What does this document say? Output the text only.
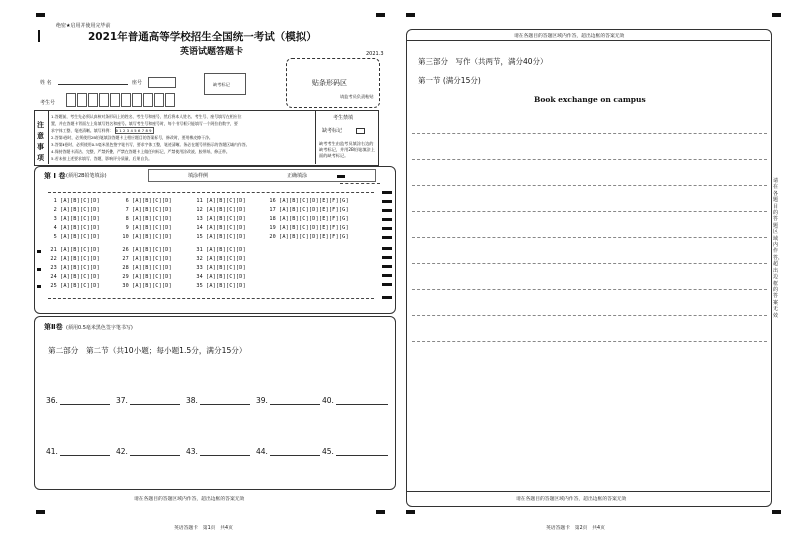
绝密★启用并使用完毕前
2021年普通高等学校招生全国统一考试（模拟）
英语试题答题卡	2021.3
姓 名	座号	缺考标记
考生号
贴条形码区
请监考员负责粘贴
注意事项
1.答题前，考生先必须认真核对条形码上的姓名、考生号和座号，然后将本人姓名、考生号、座号填写在相应位
置，并在答题卡背面左上角填写姓名和座号。填写考生号和座号时，每个书写框只能填写一个阿拉伯数字，要
求字体工整、笔迹清晰。填写样例： 0123456789
2.答第Ⅰ卷时，必须使用2B铅笔填涂答题卡上相应题目的答案标号，修改时，要用橡皮擦干净。
3.答第Ⅱ卷时，必须使用0.5毫米黑色签字笔书写，要求字体工整，笔迹清晰。务必在题号所指示的答题区域内作答。
4.保持答题卡清洁、完整，严禁折叠，严禁在答题卡上做任何标记，严禁使用涂改液、胶带纸、修正带。
5.若未按上述要求填写、答题，影响评分质量，后果自负。
考生禁填
缺考标记
缺考考生由监考员填涂右边的缺考标记，并用2B铅笔填涂上面的缺考标记。
第 I 卷 (须用2B铅笔填涂)	填涂样例	正确填涂
1 [A][B][C][D]
2 [A][B][C][D]
3 [A][B][C][D]
4 [A][B][C][D]
5 [A][B][C][D]
6 [A][B][C][D]
7 [A][B][C][D]
8 [A][B][C][D]
9 [A][B][C][D]
10 [A][B][C][D]
11 [A][B][C][D]
12 [A][B][C][D]
13 [A][B][C][D]
14 [A][B][C][D]
15 [A][B][C][D]
16 [A][B][C][D][E][F][G]
17 [A][B][C][D][E][F][G]
18 [A][B][C][D][E][F][G]
19 [A][B][C][D][E][F][G]
20 [A][B][C][D][E][F][G]
21 [A][B][C][D]
22 [A][B][C][D]
23 [A][B][C][D]
24 [A][B][C][D]
25 [A][B][C][D]
26 [A][B][C][D]
27 [A][B][C][D]
28 [A][B][C][D]
29 [A][B][C][D]
30 [A][B][C][D]
31 [A][B][C][D]
32 [A][B][C][D]
33 [A][B][C][D]
34 [A][B][C][D]
35 [A][B][C][D]
第Ⅱ卷 (须用0.5毫米黑色签字笔书写)
第二部分　第二节（共10小题；每小题1.5分，满分15分）
36.	37.	38.	39.	40.
41.	42.	43.	44.	45.
请在各题目的答题区域内作答，超出边框的答案无效
英语答题卡　第1页　共4页
请在各题目的答题区域内作答，超出边框的答案无效
第三部分　写作（共两节，满分40分）
第一节 (满分15分)
Book exchange on campus
请在各题目的答题区域内作答，超出边框的答案无效
英语答题卡　第2页　共4页
请在各题目的答题区域内作答，超出边框的答案无效
